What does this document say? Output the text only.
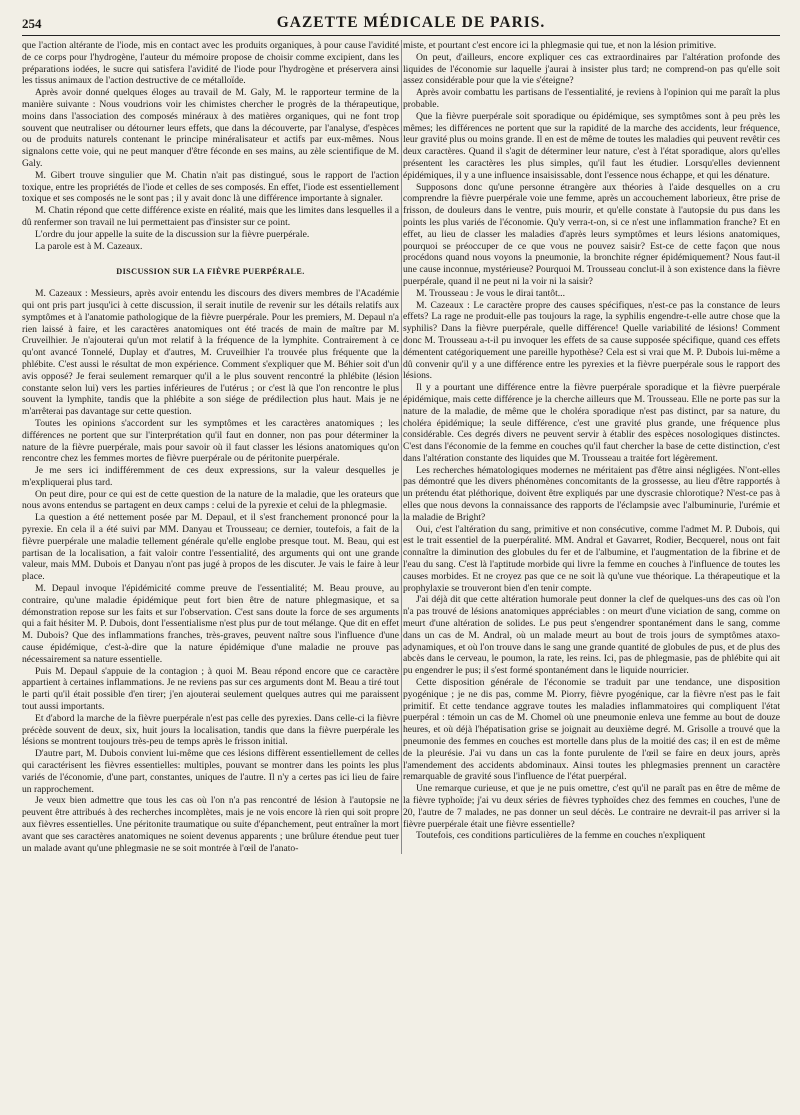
254	GAZETTE MÉDICALE DE PARIS.

que l'action altérante de l'iode, mis en contact avec les produits organiques, à pour cause l'avidité de ce corps pour l'hydrogène, l'auteur du mémoire propose de choisir comme excipient, dans les préparations iodées, le sucre qui satisfera l'avidité de l'iode pour l'hydrogène et préservera ainsi les tissus animaux de l'action destructive de ce métalloïde.

Après avoir donné quelques éloges au travail de M. Galy, M. le rapporteur termine de la manière suivante : Nous voudrions voir les chimistes chercher le progrès de la thérapeutique, moins dans l'association des composés minéraux à des matières organiques, qui ne font trop souvent que neutraliser ou détourner leurs effets, que dans la découverte, par l'analyse, d'espèces ou de produits naturels contenant le principe minéralisateur et actifs par eux-mêmes. Nous signalons cette voie, qui ne peut manquer d'être féconde en ses mains, au zèle scientifique de M. Galy.

M. Gibert trouve singulier que M. Chatin n'ait pas distingué, sous le rapport de l'action toxique, entre les propriétés de l'iode et celles de ses composés. En effet, l'iode est essentiellement toxique et ses composés ne le sont pas ; il y avait donc là une différence importante à signaler.

M. Chatin répond que cette différence existe en réalité, mais que les limites dans lesquelles il a dû renfermer son travail ne lui permettaient pas d'insister sur ce point.

L'ordre du jour appelle la suite de la discussion sur la fièvre puerpérale.

La parole est à M. Cazeaux.

DISCUSSION SUR LA FIÈVRE PUERPÉRALE.

M. Cazeaux : Messieurs, après avoir entendu les discours des divers membres de l'Académie qui ont pris part jusqu'ici à cette discussion, il serait inutile de revenir sur les détails relatifs aux symptômes et à l'anatomie pathologique de la fièvre puerpérale. Pour les premiers, M. Depaul n'a rien laissé à faire, et les caractères anatomiques ont été tracés de main de maître par M. Cruveilhier. Je n'ajouterai qu'un mot relatif à la fréquence de la lymphite. Contrairement à ce qu'ont avancé Tonnelé, Duplay et d'autres, M. Cruveilhier l'a trouvée plus fréquente que la phlébite. C'est aussi le résultat de mon expérience. Comment s'expliquer que M. Béhier soit d'un avis opposé? Je ferai seulement remarquer qu'il a le plus souvent rencontré la phlébite (lésion constante selon lui) vers les parties inférieures de l'utérus ; or c'est là que l'on rencontre le plus souvent la lymphite, tandis que la phlébite a son siége de prédilection plus haut. Mais je ne m'arrêterai pas davantage sur cette question.

Toutes les opinions s'accordent sur les symptômes et les caractères anatomiques ; les différences ne portent que sur l'interprétation qu'il faut en donner, non pas pour déterminer la nature de la fièvre puerpérale, mais pour savoir où il faut classer les lésions anatomiques qu'on rencontre chez les femmes mortes de fièvre puerpérale ou de péritonite puerpérale.

Je me sers ici indifféremment de ces deux expressions, sur la valeur desquelles je m'expliquerai plus tard.

On peut dire, pour ce qui est de cette question de la nature de la maladie, que les orateurs que nous avons entendus se partagent en deux camps : celui de la pyrexie et celui de la phlegmasie.

La question a été nettement posée par M. Depaul, et il s'est franchement prononcé pour la pyrexie. En cela il a été suivi par MM. Danyau et Trousseau; ce dernier, toutefois, a fait de la fièvre puerpérale une maladie tellement générale qu'elle englobe presque tout. M. Beau, qui est partisan de la localisation, a fait valoir contre l'essentialité, des arguments qui ont une grande valeur, mais MM. Dubois et Danyau n'ont pas jugé à propos de les discuter. Je vais le faire à leur place.

M. Depaul invoque l'épidémicité comme preuve de l'essentialité; M. Beau prouve, au contraire, qu'une maladie épidémique peut fort bien être de nature phlegmasique, et sa démonstration repose sur les faits et sur l'observation. C'est sans doute la force de ses arguments qui a fait hésiter M. P. Dubois, dont l'essentialisme n'est plus pur de tout mélange. Que dit en effet M. Dubois? Que des inflammations franches, très-graves, peuvent naître sous l'influence d'une cause épidémique, c'est-à-dire que la nature épidémique d'une maladie ne prouve pas nécessairement sa nature essentielle.

Puis M. Depaul s'appuie de la contagion ; à quoi M. Beau répond encore que ce caractère appartient à certaines inflammations. Je ne reviens pas sur ces arguments dont M. Beau a tiré tout le parti qu'il était possible d'en tirer; j'en ajouterai seulement quelques autres qui me paraissent tout aussi importants.

Et d'abord la marche de la fièvre puerpérale n'est pas celle des pyrexies. Dans celle-ci la fièvre précède souvent de deux, six, huit jours la localisation, tandis que dans la fièvre puerpérale les lésions se montrent toujours très-peu de temps après le frisson initial.

D'autre part, M. Dubois convient lui-même que ces lésions diffèrent essentiellement de celles qui caractérisent les fièvres essentielles: multiples, pouvant se montrer dans les points les plus variés de l'économie, d'une part, constantes, uniques de l'autre. Il n'y a certes pas ici lieu de faire un rapprochement.

Je veux bien admettre que tous les cas où l'on n'a pas rencontré de lésion à l'autopsie ne peuvent être attribués à des recherches incomplètes, mais je ne vois encore là rien qui soit propre aux fièvres essentielles. Une péritonite traumatique ou suite d'épanchement, peut entraîner la mort avant que ses caractères anatomiques ne soient devenus apparents ; une brûlure étendue peut tuer un malade avant qu'une phlegmasie ne se soit montrée à l'œil de l'anato-

miste, et pourtant c'est encore ici la phlegmasie qui tue, et non la lésion primitive.

On peut, d'ailleurs, encore expliquer ces cas extraordinaires par l'altération profonde des liquides de l'économie sur laquelle j'aurai à insister plus tard; ne comprend-on pas qu'elle soit assez considérable pour que la vie s'éteigne?

Après avoir combattu les partisans de l'essentialité, je reviens à l'opinion qui me paraît la plus probable.

Que la fièvre puerpérale soit sporadique ou épidémique, ses symptômes sont à peu près les mêmes; les différences ne portent que sur la rapidité de la marche des accidents, leur fréquence, leur gravité plus ou moins grande. Il en est de même de toutes les maladies qui peuvent revêtir ces deux caractères. Quand il s'agit de déterminer leur nature, c'est à l'état sporadique, alors qu'elles présentent les caractères les plus simples, qu'il faut les étudier. Lorsqu'elles deviennent épidémiques, il y a une influence insaisissable, dont l'essence nous échappe, et qui les dénature.

Supposons donc qu'une personne étrangère aux théories à l'aide desquelles on a cru comprendre la fièvre puerpérale voie une femme, après un accouchement laborieux, être prise de frisson, de douleurs dans le ventre, puis mourir, et qu'elle constate à l'autopsie du pus dans les points les plus variés de l'économie. Qu'y verra-t-on, si ce n'est une inflammation franche? Et en effet, au lieu de classer les maladies d'après leurs symptômes et leurs lésions anatomiques, pourquoi se préoccuper de ce que vous ne pouvez saisir? Est-ce de cette façon que nous procédons quand nous voyons la pneumonie, la bronchite régner épidémiquement? Nous faut-il une cause inconnue, mystérieuse? Pourquoi M. Trousseau conclut-il à son existence dans la fièvre puerpérale, quand il ne peut ni la voir ni la saisir?

M. Trousseau : Je vous le dirai tantôt...

M. Cazeaux : Le caractère propre des causes spécifiques, n'est-ce pas la constance de leurs effets? La rage ne produit-elle pas toujours la rage, la syphilis engendre-t-elle autre chose que la syphilis? Dans la fièvre puerpérale, quelle différence! Quelle variabilité de lésions! Comment donc M. Trousseau a-t-il pu invoquer les effets de sa cause supposée spécifique, quand ces effets démentent catégoriquement une pareille hypothèse? Cela est si vrai que M. P. Dubois lui-même a dû convenir qu'il y a une différence entre les pyrexies et la fièvre puerpérale sous le rapport des lésions.

Il y a pourtant une différence entre la fièvre puerpérale sporadique et la fièvre puerpérale épidémique, mais cette différence je la cherche ailleurs que M. Trousseau. Elle ne porte pas sur la nature de la maladie, de même que le choléra sporadique n'est pas distinct, par sa nature, du choléra épidémique; la seule différence, c'est une gravité plus grande, une fréquence plus considérable. Ces degrés divers ne peuvent servir à établir des espèces nosologiques distinctes. C'est dans l'économie de la femme en couches qu'il faut chercher la base de cette distinction, c'est dans l'altération constante des liquides que M. Trousseau a traitée fort légèrement.

Les recherches hématologiques modernes ne méritaient pas d'être ainsi négligées. N'ont-elles pas démontré que les divers phénomènes concomitants de la grossesse, au lieu d'être rapportés à un prétendu état pléthorique, doivent être expliqués par une dyscrasie chlorotique? N'est-ce pas à elles que nous devons la connaissance des rapports de l'éclampsie avec l'albuminurie, l'urémie et la maladie de Bright?

Oui, c'est l'altération du sang, primitive et non consécutive, comme l'admet M. P. Dubois, qui est le trait essentiel de la puerpéralité. MM. Andral et Gavarret, Rodier, Becquerel, nous ont fait connaître la diminution des globules du fer et de l'albumine, et l'augmentation de la fibrine et de l'eau du sang. C'est là l'aptitude morbide qui livre la femme en couches à l'influence de toutes les causes morbides. Et ne croyez pas que ce ne soit là qu'une vue théorique. La thérapeutique et la prophylaxie se trouveront bien d'en tenir compte.

J'ai déjà dit que cette altération humorale peut donner la clef de quelques-uns des cas où l'on n'a pas trouvé de lésions anatomiques appréciables : on meurt d'une viciation de sang, comme on meurt d'une altération de solides. Le pus peut s'engendrer spontanément dans le sang, comme dans un cas de M. Andral, où un malade meurt au bout de trois jours de symptômes ataxo-adynamiques, et où l'on trouve dans le sang une grande quantité de globules de pus, et de plus des abcès dans le cerveau, le poumon, la rate, les reins. Ici, pas de phlegmasie, pas de phlébite qui ait pu engendrer le pus; il s'est formé spontanément dans le liquide nourricier.

Cette disposition générale de l'économie se traduit par une tendance, une disposition pyogénique ; je ne dis pas, comme M. Piorry, fièvre pyogénique, car la fièvre n'est pas le fait primitif. Et cette tendance aggrave toutes les maladies inflammatoires qui compliquent l'état puerpéral : témoin un cas de M. Chomel où une pneumonie enleva une femme au bout de douze heures, et où déjà l'hépatisation grise se joignait au deuxième degré. M. Grisolle a trouvé que la pneumonie des femmes en couches est mortelle dans plus de la moitié des cas; il en est de même de la pleurésie. J'ai vu dans un cas la fonte purulente de l'œil se faire en deux jours, après l'amendement des accidents abdominaux. Ainsi toutes les phlegmasies prennent un caractère remarquable de gravité sous l'influence de l'état puerpéral.

Une remarque curieuse, et que je ne puis omettre, c'est qu'il ne paraît pas en être de même de la fièvre typhoïde; j'ai vu deux séries de fièvres typhoïdes chez des femmes en couches, l'une de 20, l'autre de 7 malades, ne pas donner un seul décès. Le contraire ne devrait-il pas arriver si la fièvre puerpérale était une fièvre essentielle?

Toutefois, ces conditions particulières de la femme en couches n'expliquent
